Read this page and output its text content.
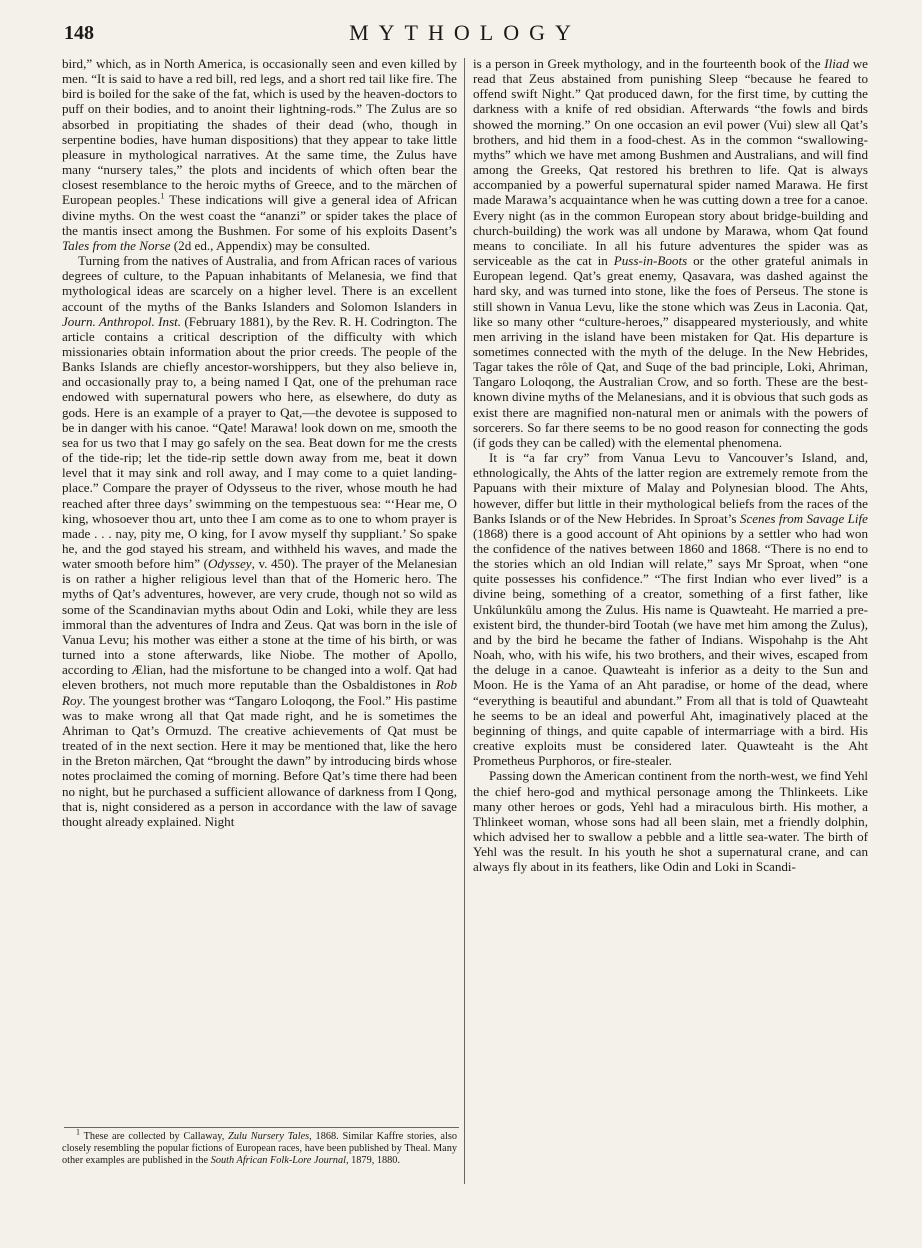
148	MYTHOLOGY

bird,” which, as in North America, is occasionally seen and even killed by men. “It is said to have a red bill, red legs, and a short red tail like fire. The bird is boiled for the sake of the fat, which is used by the heaven-doctors to puff on their bodies, and to anoint their lightning-rods.” The Zulus are so absorbed in propitiating the shades of their dead (who, though in serpentine bodies, have human dispositions) that they appear to take little pleasure in mythological narratives. At the same time, the Zulus have many “nursery tales,” the plots and incidents of which often bear the closest resemblance to the heroic myths of Greece, and to the märchen of European peoples.$^1$ These indications will give a general idea of African divine myths. On the west coast the “ananzi” or spider takes the place of the mantis insect among the Bushmen. For some of his exploits Dasent’s Tales from the Norse (2d ed., Appendix) may be consulted.

Turning from the natives of Australia, and from African races of various degrees of culture, to the Papuan inhabitants of Melanesia, we find that mythological ideas are scarcely on a higher level. There is an excellent account of the myths of the Banks Islanders and Solomon Islanders in Journ. Anthropol. Inst. (February 1881), by the Rev. R. H. Codrington. The article contains a critical description of the difficulty with which missionaries obtain information about the prior creeds. The people of the Banks Islands are chiefly ancestor-worshippers, but they also believe in, and occasionally pray to, a being named I Qat, one of the prehuman race endowed with supernatural powers who here, as elsewhere, do duty as gods. Here is an example of a prayer to Qat,—the devotee is supposed to be in danger with his canoe. “Qate! Marawa! look down on me, smooth the sea for us two that I may go safely on the sea. Beat down for me the crests of the tide-rip; let the tide-rip settle down away from me, beat it down level that it may sink and roll away, and I may come to a quiet landing-place.” Compare the prayer of Odysseus to the river, whose mouth he had reached after three days’ swimming on the tempestuous sea: “‘Hear me, O king, whosoever thou art, unto thee I am come as to one to whom prayer is made . . . nay, pity me, O king, for I avow myself thy suppliant.’ So spake he, and the god stayed his stream, and withheld his waves, and made the water smooth before him” (Odyssey, v. 450). The prayer of the Melanesian is on rather a higher religious level than that of the Homeric hero. The myths of Qat’s adventures, however, are very crude, though not so wild as some of the Scandinavian myths about Odin and Loki, while they are less immoral than the adventures of Indra and Zeus. Qat was born in the isle of Vanua Levu; his mother was either a stone at the time of his birth, or was turned into a stone afterwards, like Niobe. The mother of Apollo, according to Ælian, had the misfortune to be changed into a wolf. Qat had eleven brothers, not much more reputable than the Osbaldistones in Rob Roy. The youngest brother was “Tangaro Loloqong, the Fool.” His pastime was to make wrong all that Qat made right, and he is sometimes the Ahriman to Qat’s Ormuzd. The creative achievements of Qat must be treated of in the next section. Here it may be mentioned that, like the hero in the Breton märchen, Qat “brought the dawn” by introducing birds whose notes proclaimed the coming of morning. Before Qat’s time there had been no night, but he purchased a sufficient allowance of darkness from I Qong, that is, night considered as a person in accordance with the law of savage thought already explained. Night

is a person in Greek mythology, and in the fourteenth book of the Iliad we read that Zeus abstained from punishing Sleep “because he feared to offend swift Night.” Qat produced dawn, for the first time, by cutting the darkness with a knife of red obsidian. Afterwards “the fowls and birds showed the morning.” On one occasion an evil power (Vui) slew all Qat’s brothers, and hid them in a food-chest. As in the common “swallowing-myths” which we have met among Bushmen and Australians, and will find among the Greeks, Qat restored his brethren to life. Qat is always accompanied by a powerful supernatural spider named Marawa. He first made Marawa’s acquaintance when he was cutting down a tree for a canoe. Every night (as in the common European story about bridge-building and church-building) the work was all undone by Marawa, whom Qat found means to conciliate. In all his future adventures the spider was as serviceable as the cat in Puss-in-Boots or the other grateful animals in European legend. Qat’s great enemy, Qasavara, was dashed against the hard sky, and was turned into stone, like the foes of Perseus. The stone is still shown in Vanua Levu, like the stone which was Zeus in Laconia. Qat, like so many other “culture-heroes,” disappeared mysteriously, and white men arriving in the island have been mistaken for Qat. His departure is sometimes connected with the myth of the deluge. In the New Hebrides, Tagar takes the rôle of Qat, and Suqe of the bad principle, Loki, Ahriman, Tangaro Loloqong, the Australian Crow, and so forth. These are the best-known divine myths of the Melanesians, and it is obvious that such gods as exist there are magnified non-natural men or animals with the powers of sorcerers. So far there seems to be no good reason for connecting the gods (if gods they can be called) with the elemental phenomena.

It is “a far cry” from Vanua Levu to Vancouver’s Island, and, ethnologically, the Ahts of the latter region are extremely remote from the Papuans with their mixture of Malay and Polynesian blood. The Ahts, however, differ but little in their mythological beliefs from the races of the Banks Islands or of the New Hebrides. In Sproat’s Scenes from Savage Life (1868) there is a good account of Aht opinions by a settler who had won the confidence of the natives between 1860 and 1868. “There is no end to the stories which an old Indian will relate,” says Mr Sproat, when “one quite possesses his confidence.” “The first Indian who ever lived” is a divine being, something of a creator, something of a first father, like Unkûlunkûlu among the Zulus. His name is Quawteaht. He married a pre-existent bird, the thunder-bird Tootah (we have met him among the Zulus), and by the bird he became the father of Indians. Wispohahp is the Aht Noah, who, with his wife, his two brothers, and their wives, escaped from the deluge in a canoe. Quawteaht is inferior as a deity to the Sun and Moon. He is the Yama of an Aht paradise, or home of the dead, where “everything is beautiful and abundant.” From all that is told of Quawteaht he seems to be an ideal and powerful Aht, imaginatively placed at the beginning of things, and quite capable of intermarriage with a bird. His creative exploits must be considered later. Quawteaht is the Aht Prometheus Purphoros, or fire-stealer.

Passing down the American continent from the north-west, we find Yehl the chief hero-god and mythical personage among the Thlinkeets. Like many other heroes or gods, Yehl had a miraculous birth. His mother, a Thlinkeet woman, whose sons had all been slain, met a friendly dolphin, which advised her to swallow a pebble and a little sea-water. The birth of Yehl was the result. In his youth he shot a supernatural crane, and can always fly about in its feathers, like Odin and Loki in Scandi-

$^1$ These are collected by Callaway, Zulu Nursery Tales, 1868. Similar Kaffre stories, also closely resembling the popular fictions of European races, have been published by Theal. Many other examples are published in the South African Folk-Lore Journal, 1879, 1880.
